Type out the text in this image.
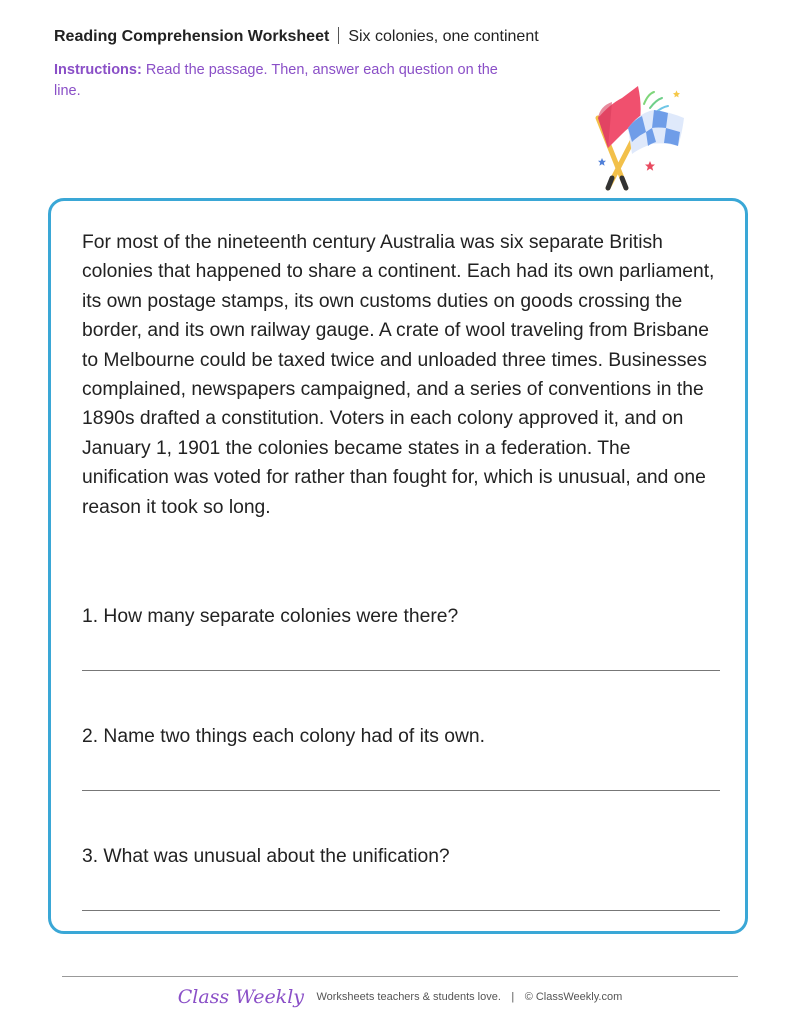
Reading Comprehension Worksheet Six colonies, one continent
Instructions: Read the passage. Then, answer each question on the line.

For most of the nineteenth century Australia was six separate British colonies that happened to share a continent. Each had its own parliament, its own postage stamps, its own customs duties on goods crossing the border, and its own railway gauge. A crate of wool traveling from Brisbane to Melbourne could be taxed twice and unloaded three times. Businesses complained, newspapers campaigned, and a series of conventions in the 1890s drafted a constitution. Voters in each colony approved it, and on January 1, 1901 the colonies became states in a federation. The unification was voted for rather than fought for, which is unusual, and one reason it took so long.

1. How many separate colonies were there?
2. Name two things each colony had of its own.
3. What was unusual about the unification?
Class Weekly Worksheets teachers & students love. | © ClassWeekly.com
